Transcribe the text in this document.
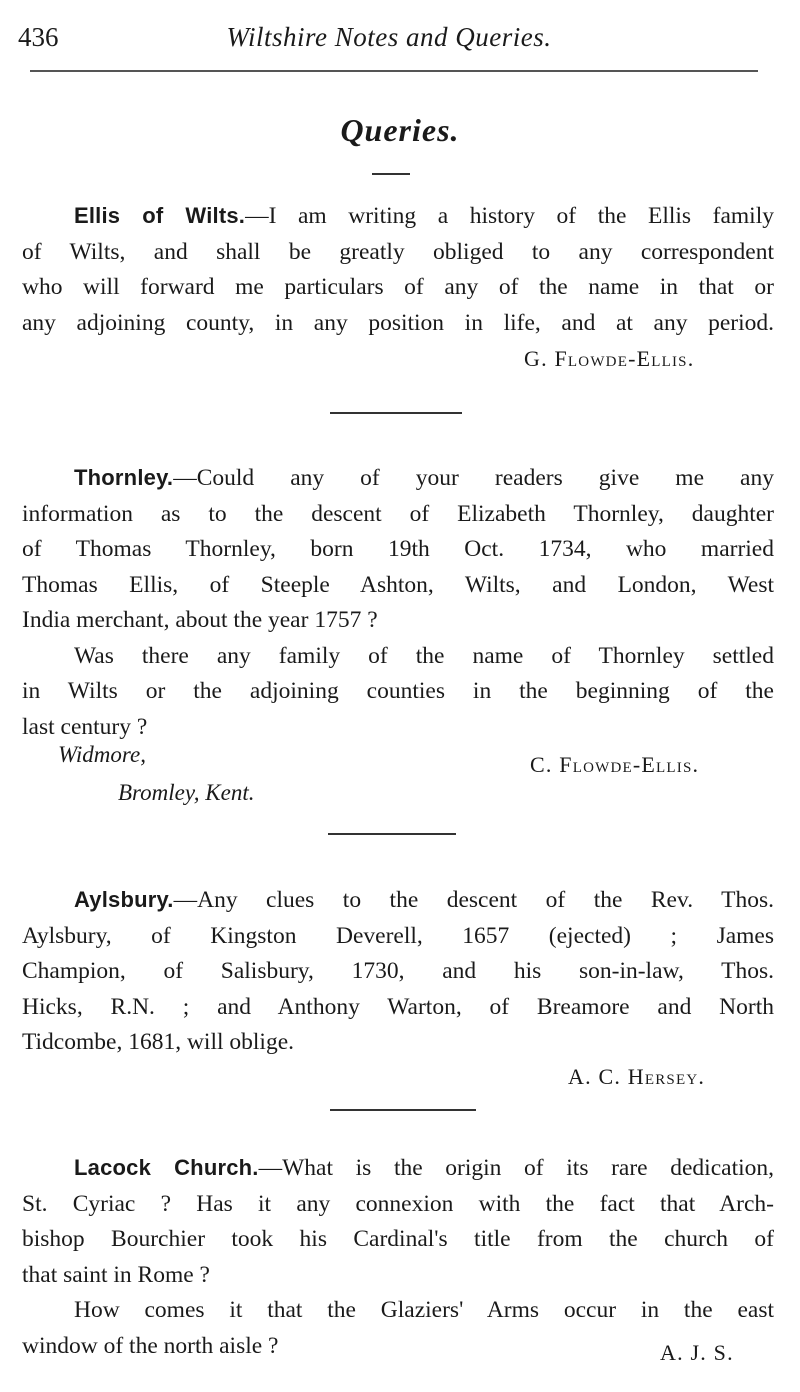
436	Wiltshire Notes and Queries.
Queries.
Ellis of Wilts.—I am writing a history of the Ellis family
of Wilts, and shall be greatly obliged to any correspondent
who will forward me particulars of any of the name in that or
any adjoining county, in any position in life, and at any period.
G. Flowde-Ellis.
Thornley.—Could any of your readers give me any
information as to the descent of Elizabeth Thornley, daughter
of Thomas Thornley, born 19th Oct. 1734, who married
Thomas Ellis, of Steeple Ashton, Wilts, and London, West
India merchant, about the year 1757 ?
Was there any family of the name of Thornley settled
in Wilts or the adjoining counties in the beginning of the
last century ?
Widmore,
Bromley, Kent.
C. Flowde-Ellis.
Aylsbury.—Any clues to the descent of the Rev. Thos.
Aylsbury, of Kingston Deverell, 1657 (ejected) ; James
Champion, of Salisbury, 1730, and his son-in-law, Thos.
Hicks, R.N. ; and Anthony Warton, of Breamore and North
Tidcombe, 1681, will oblige.
A. C. Hersey.
Lacock Church.—What is the origin of its rare dedication,
St. Cyriac ? Has it any connexion with the fact that Arch-
bishop Bourchier took his Cardinal's title from the church of
that saint in Rome ?
How comes it that the Glaziers' Arms occur in the east
window of the north aisle ?	A. J. S.
